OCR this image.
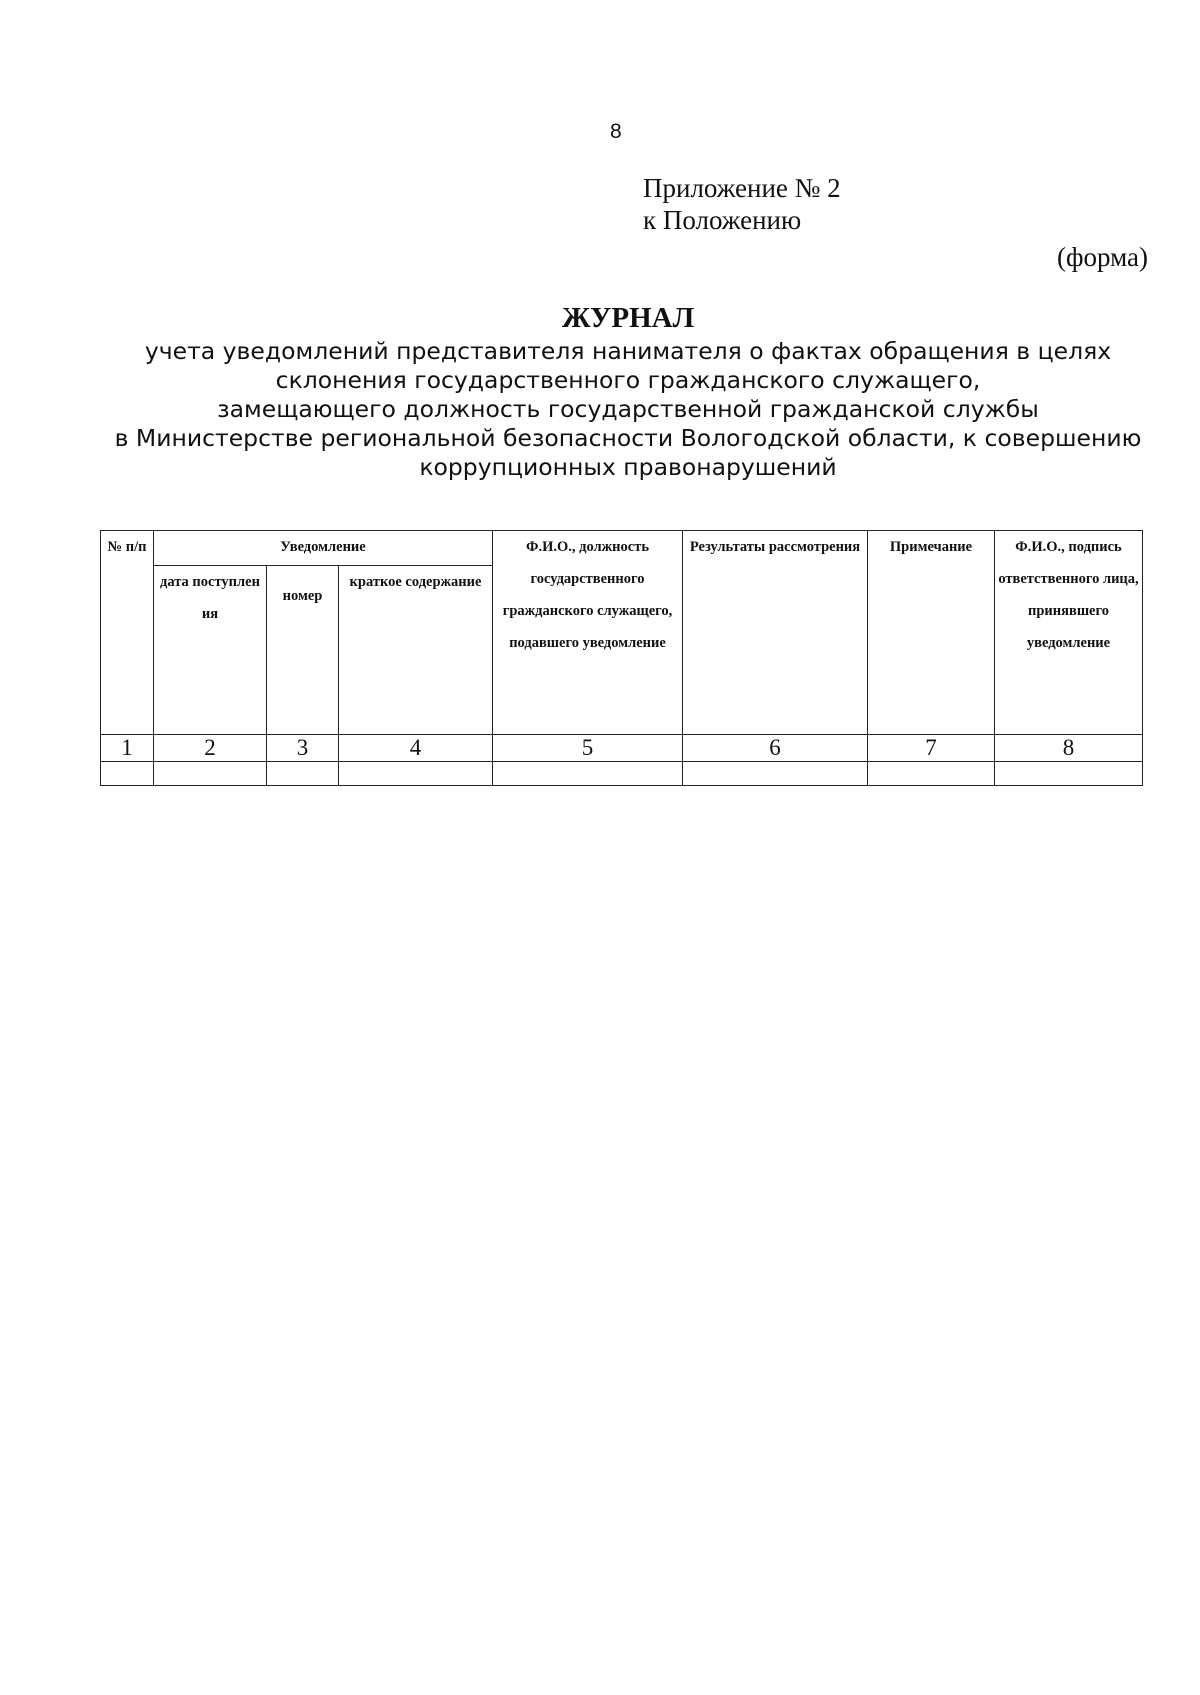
8
Приложение № 2
к Положению
(форма)
ЖУРНАЛ
учета уведомлений представителя нанимателя о фактах обращения в целях
склонения государственного гражданского служащего,
замещающего должность государственной гражданской службы
в Министерстве региональной безопасности Вологодской области, к совершению
коррупционных правонарушений
№ п/п	Уведомление			Ф.И.О., должность государственного гражданского служащего, подавшего уведомление	Результаты рассмотрения	Примечание	Ф.И.О., подпись ответственного лица, принявшего уведомление
	дата поступлен ия	номер	краткое содержание				
1	2	3	4	5	6	7	8
